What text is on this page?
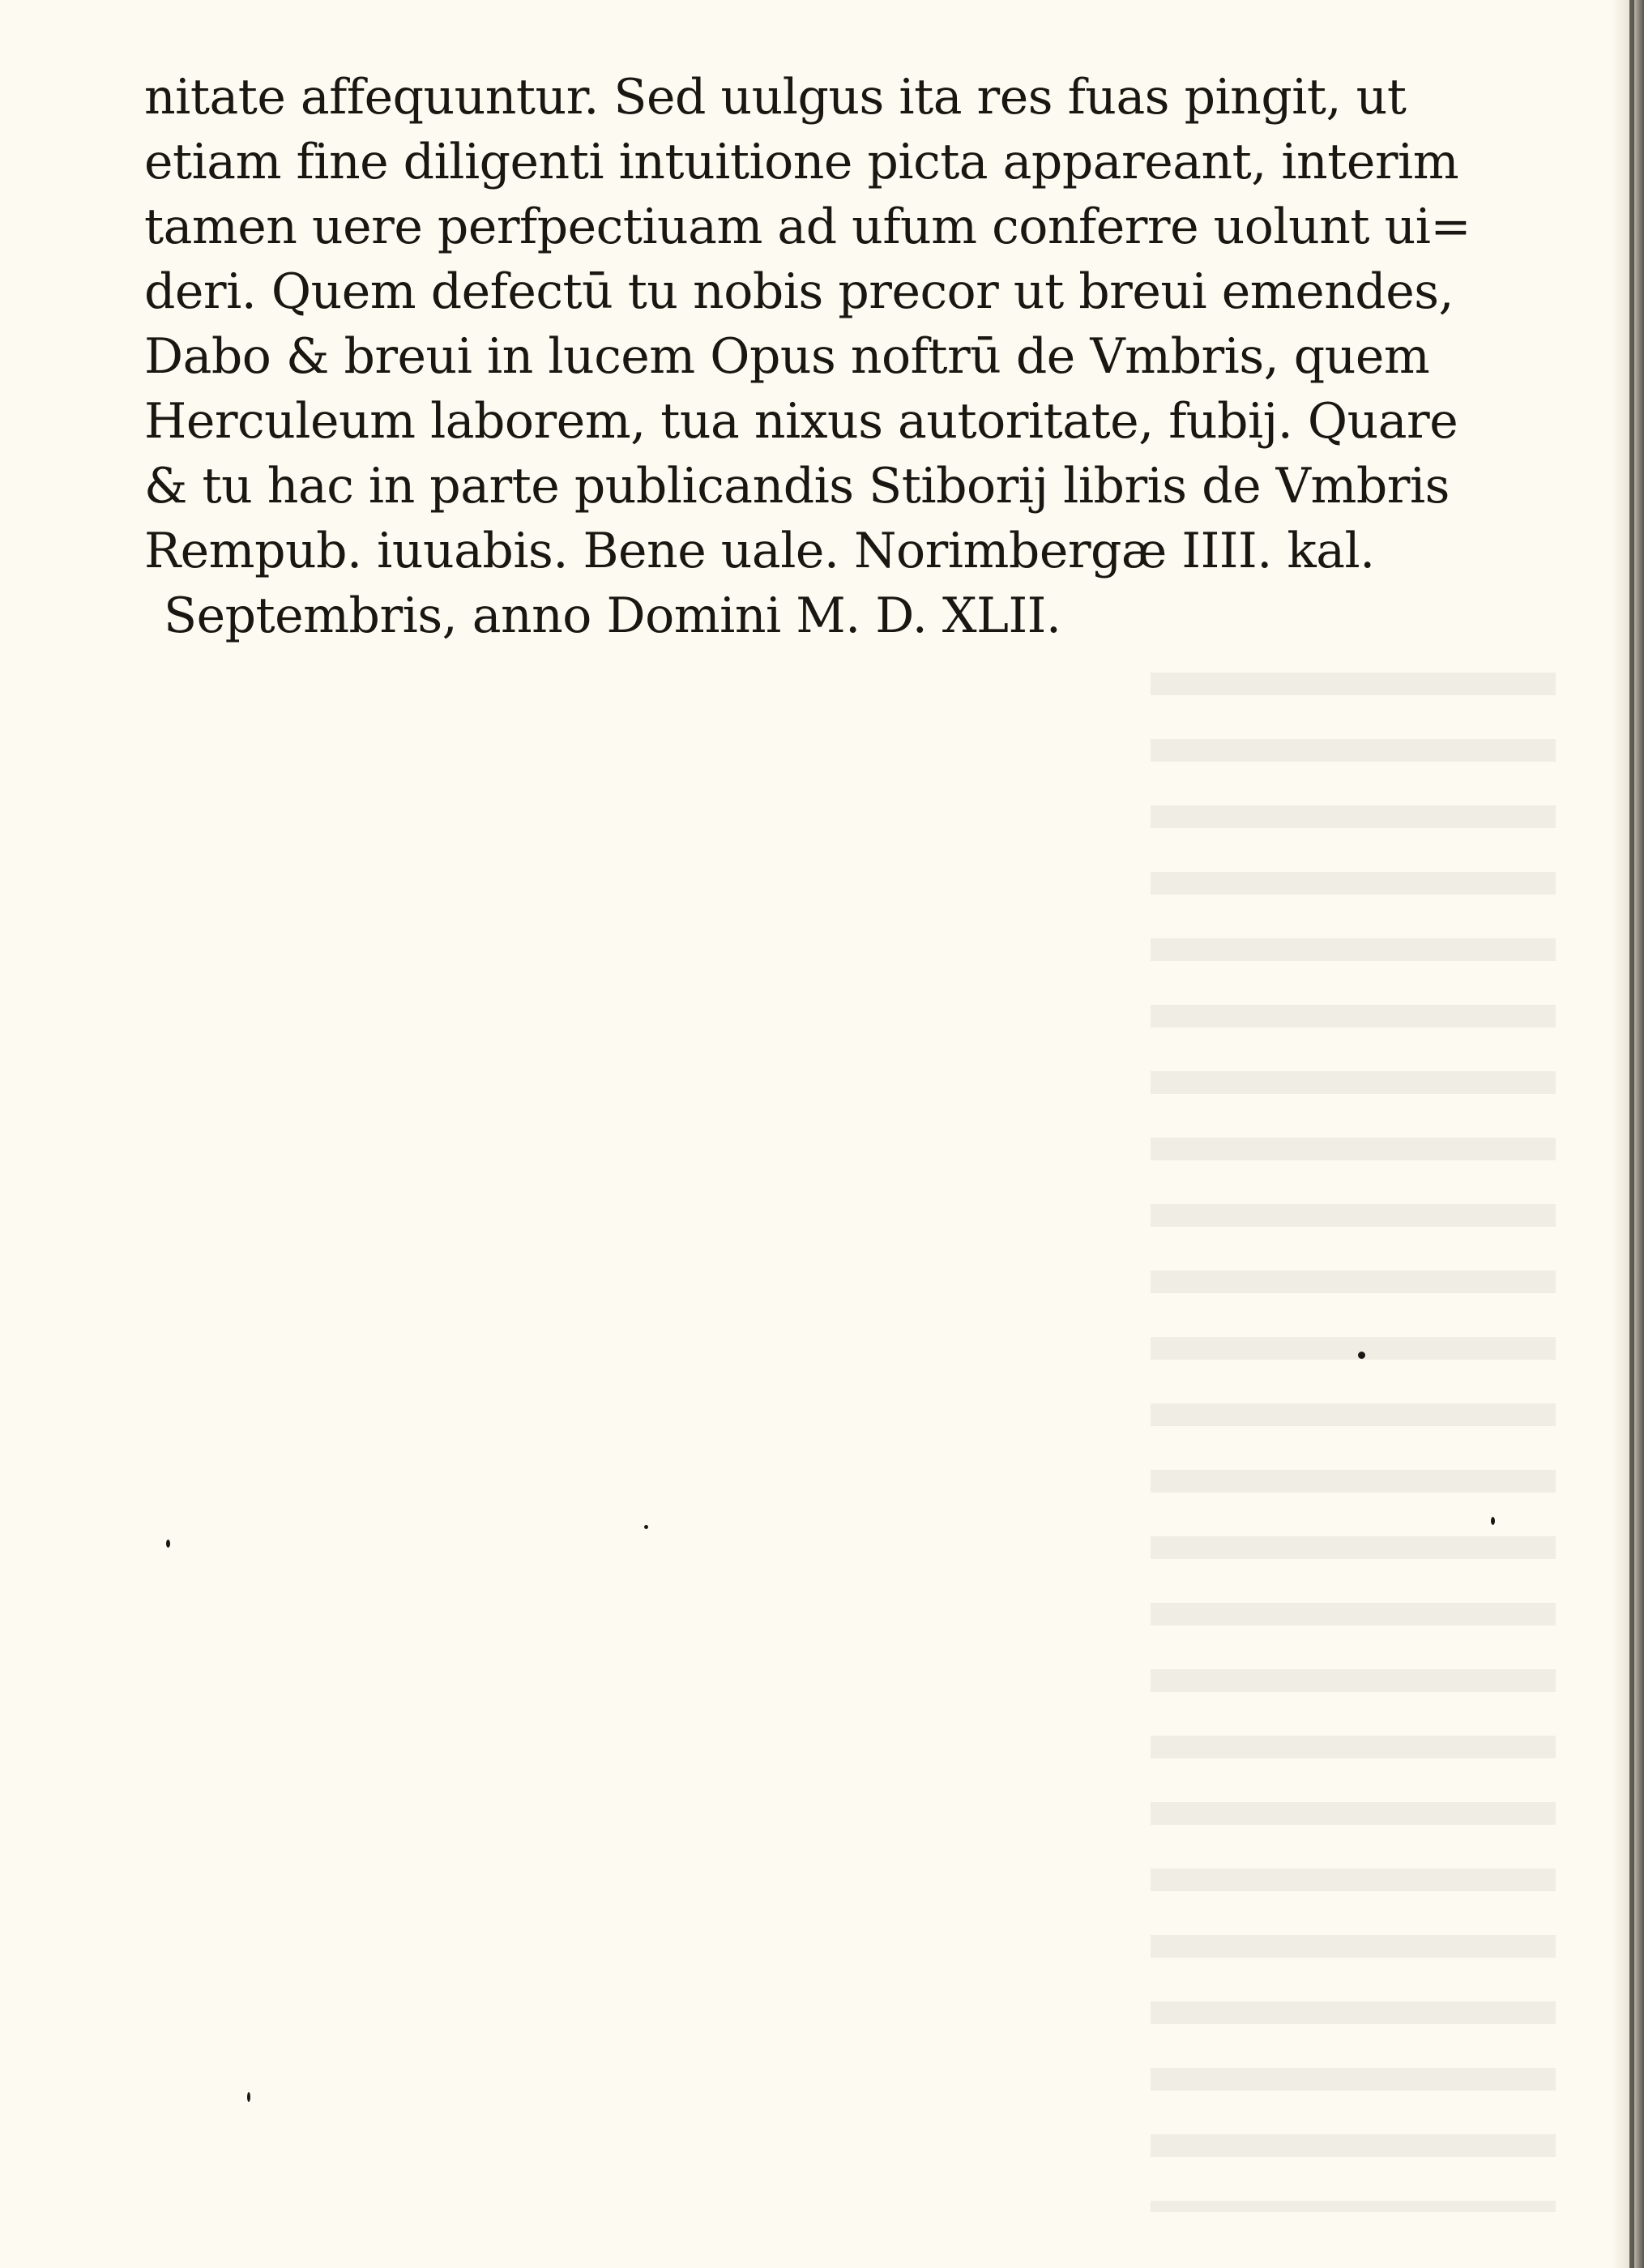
nitate affequuntur. Sed uulgus ita res fuas pingit, ut
etiam fine diligenti intuitione picta appareant, interim
tamen uere perfpectiuam ad ufum conferre uolunt ui=
deri. Quem defectū tu nobis precor ut breui emendes,
Dabo & breui in lucem Opus noftrū de Vmbris, quem
Herculeum laborem, tua nixus autoritate, fubij. Quare
& tu hac in parte publicandis Stiborij libris de Vmbris
Rempub. iuuabis. Bene uale. Norimbergæ IIII. kal.
Septembris, anno Domini M. D. XLII.
